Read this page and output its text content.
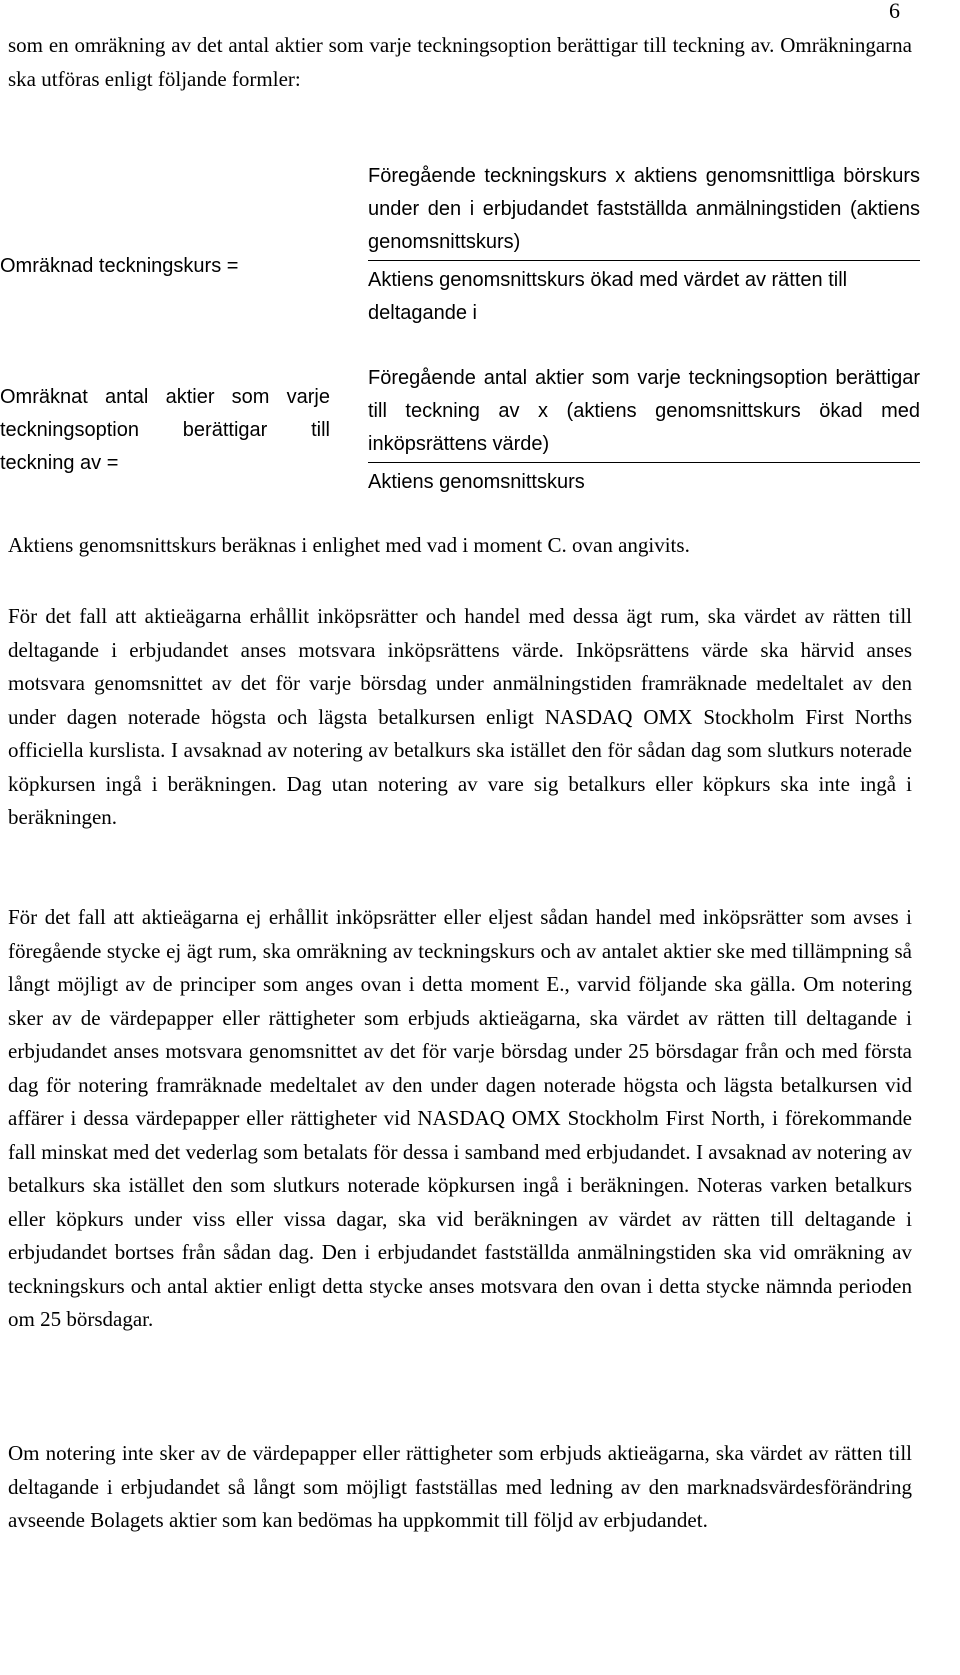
6

som en omräkning av det antal aktier som varje teckningsoption berättigar till teckning av. Omräkningarna ska utföras enligt följande formler:

Omräknad teckningskurs =

Föregående teckningskurs x aktiens genomsnittliga börskurs under den i erbjudandet fastställda anmälningstiden (aktiens genomsnittskurs)

Aktiens genomsnittskurs ökad med värdet av rätten till deltagande i

Omräknat antal aktier som varje teckningsoption berättigar till teckning av =

Föregående antal aktier som varje teckningsoption berättigar till teckning av x (aktiens genomsnittskurs ökad med inköpsrättens värde)

Aktiens genomsnittskurs

Aktiens genomsnittskurs beräknas i enlighet med vad i moment C. ovan angivits.

För det fall att aktieägarna erhållit inköpsrätter och handel med dessa ägt rum, ska värdet av rätten till deltagande i erbjudandet anses motsvara inköpsrättens värde. Inköpsrättens värde ska härvid anses motsvara genomsnittet av det för varje börsdag under anmälningstiden framräknade medeltalet av den under dagen noterade högsta och lägsta betalkursen enligt NASDAQ OMX Stockholm First Norths officiella kurslista. I avsaknad av notering av betalkurs ska istället den för sådan dag som slutkurs noterade köpkursen ingå i beräkningen. Dag utan notering av vare sig betalkurs eller köpkurs ska inte ingå i beräkningen.

För det fall att aktieägarna ej erhållit inköpsrätter eller eljest sådan handel med inköpsrätter som avses i föregående stycke ej ägt rum, ska omräkning av teckningskurs och av antalet aktier ske med tillämpning så långt möjligt av de principer som anges ovan i detta moment E., varvid följande ska gälla. Om notering sker av de värdepapper eller rättigheter som erbjuds aktieägarna, ska värdet av rätten till deltagande i erbjudandet anses motsvara genomsnittet av det för varje börsdag under 25 börsdagar från och med första dag för notering framräknade medeltalet av den under dagen noterade högsta och lägsta betalkursen vid affärer i dessa värdepapper eller rättigheter vid NASDAQ OMX Stockholm First North, i förekommande fall minskat med det vederlag som betalats för dessa i samband med erbjudandet. I avsaknad av notering av betalkurs ska istället den som slutkurs noterade köpkursen ingå i beräkningen. Noteras varken betalkurs eller köpkurs under viss eller vissa dagar, ska vid beräkningen av värdet av rätten till deltagande i erbjudandet bortses från sådan dag. Den i erbjudandet fastställda anmälningstiden ska vid omräkning av teckningskurs och antal aktier enligt detta stycke anses motsvara den ovan i detta stycke nämnda perioden om 25 börsdagar.

Om notering inte sker av de värdepapper eller rättigheter som erbjuds aktieägarna, ska värdet av rätten till deltagande i erbjudandet så långt som möjligt fastställas med ledning av den marknadsvärdesförändring avseende Bolagets aktier som kan bedömas ha uppkommit till följd av erbjudandet.
